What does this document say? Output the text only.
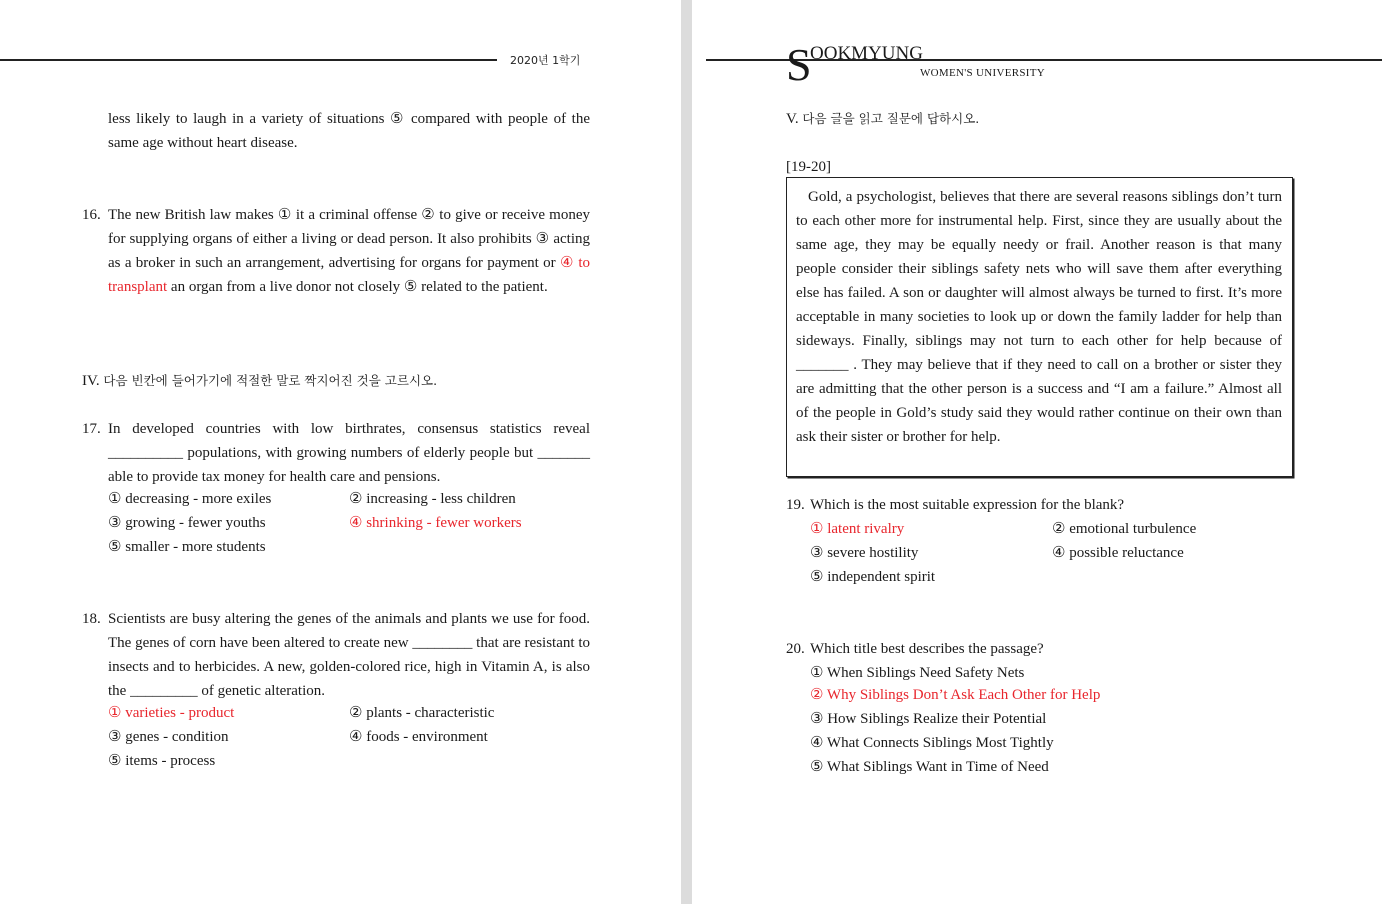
2020년 1학기
less likely to laugh in a variety of situations ⑤ compared with people of the same age without heart disease.
16. The new British law makes ① it a criminal offense ② to give or receive money for supplying organs of either a living or dead person. It also prohibits ③ acting as a broker in such an arrangement, advertising for organs for payment or ④ to transplant an organ from a live donor not closely ⑤ related to the patient.
IV. 다음 빈칸에 들어가기에 적절한 말로 짝지어진 것을 고르시오.
17. In developed countries with low birthrates, consensus statistics reveal __________ populations, with growing numbers of elderly people but _______ able to provide tax money for health care and pensions.
① decreasing - more exiles	② increasing - less children
③ growing - fewer youths	④ shrinking - fewer workers
⑤ smaller - more students
18. Scientists are busy altering the genes of the animals and plants we use for food. The genes of corn have been altered to create new ________ that are resistant to insects and to herbicides. A new, golden-colored rice, high in Vitamin A, is also the _________ of genetic alteration.
① varieties - product	② plants - characteristic
③ genes - condition	④ foods - environment
⑤ items - process
S
OOKMYUNG
WOMEN'S UNIVERSITY
V. 다음 글을 읽고 질문에 답하시오.
[19-20]
Gold, a psychologist, believes that there are several reasons siblings don’t turn to each other more for instrumental help. First, since they are usually about the same age, they may be equally needy or frail. Another reason is that many people consider their siblings safety nets who will save them after everything else has failed. A son or daughter will almost always be turned to first. It’s more acceptable in many societies to look up or down the family ladder for help than sideways. Finally, siblings may not turn to each other for help because of _______ . They may believe that if they need to call on a brother or sister they are admitting that the other person is a success and “I am a failure.” Almost all of the people in Gold’s study said they would rather continue on their own than ask their sister or brother for help.
19. Which is the most suitable expression for the blank?
① latent rivalry	② emotional turbulence
③ severe hostility	④ possible reluctance
⑤ independent spirit
20. Which title best describes the passage?
① When Siblings Need Safety Nets
② Why Siblings Don’t Ask Each Other for Help
③ How Siblings Realize their Potential
④ What Connects Siblings Most Tightly
⑤ What Siblings Want in Time of Need
